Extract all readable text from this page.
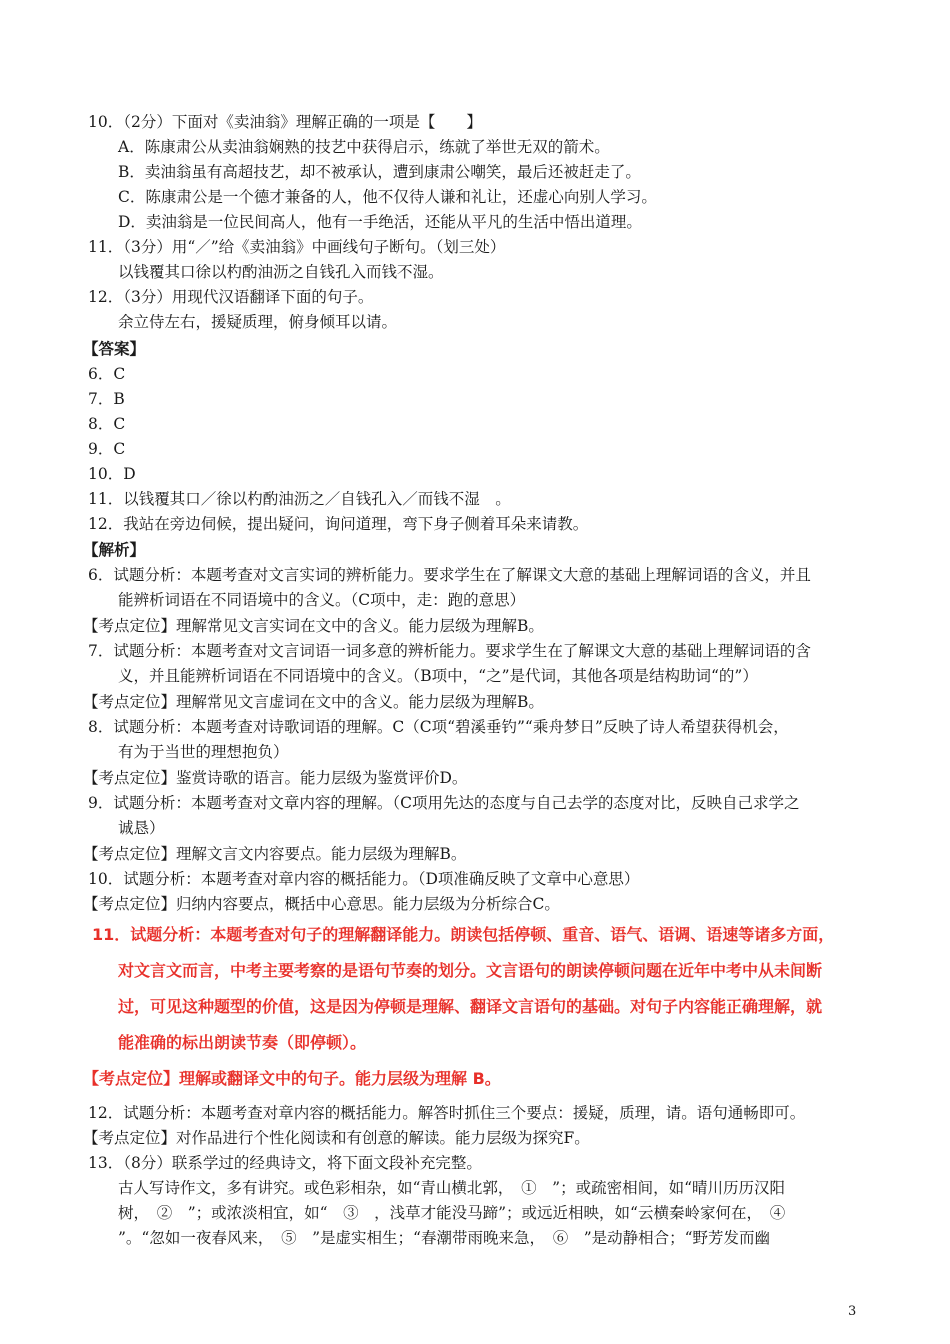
10．（2分）下面对《卖油翁》理解正确的一项是【　　】
A．陈康肃公从卖油翁娴熟的技艺中获得启示，练就了举世无双的箭术。
B．卖油翁虽有高超技艺，却不被承认，遭到康肃公嘲笑，最后还被赶走了。
C．陈康肃公是一个德才兼备的人，他不仅待人谦和礼让，还虚心向别人学习。
D．卖油翁是一位民间高人，他有一手绝活，还能从平凡的生活中悟出道理。
11．（3分）用“／”给《卖油翁》中画线句子断句。（划三处）
以钱覆其口徐以杓酌油沥之自钱孔入而钱不湿。
12．（3分）用现代汉语翻译下面的句子。
余立侍左右，援疑质理，俯身倾耳以请。
【答案】
6．C
7．B
8．C
9．C
10．D
11．以钱覆其口／徐以杓酌油沥之／自钱孔入／而钱不湿　。
12．我站在旁边伺候，提出疑问，询问道理，弯下身子侧着耳朵来请教。
【解析】
6．试题分析：本题考查对文言实词的辨析能力。要求学生在了解课文大意的基础上理解词语的含义，并且
能辨析词语在不同语境中的含义。（C项中，走：跑的意思）
【考点定位】理解常见文言实词在文中的含义。能力层级为理解B。
7．试题分析：本题考查对文言词语一词多意的辨析能力。要求学生在了解课文大意的基础上理解词语的含
义，并且能辨析词语在不同语境中的含义。（B项中，“之”是代词，其他各项是结构助词“的”）
【考点定位】理解常见文言虚词在文中的含义。能力层级为理解B。
8．试题分析：本题考查对诗歌词语的理解。C（C项“碧溪垂钓”“乘舟梦日”反映了诗人希望获得机会，
有为于当世的理想抱负）
【考点定位】鉴赏诗歌的语言。能力层级为鉴赏评价D。
9．试题分析：本题考查对文章内容的理解。（C项用先达的态度与自己去学的态度对比，反映自己求学之
诚恳）
【考点定位】理解文言文内容要点。能力层级为理解B。
10．试题分析：本题考查对章内容的概括能力。（D项准确反映了文章中心意思）
【考点定位】归纳内容要点，概括中心意思。能力层级为分析综合C。
11．试题分析：本题考查对句子的理解翻译能力。朗读包括停顿、重音、语气、语调、语速等诸多方面，
对文言文而言，中考主要考察的是语句节奏的划分。文言语句的朗读停顿问题在近年中考中从未间断
过，可见这种题型的价值，这是因为停顿是理解、翻译文言语句的基础。对句子内容能正确理解，就
能准确的标出朗读节奏（即停顿）。
【考点定位】理解或翻译文中的句子。能力层级为理解 B。
12．试题分析：本题考查对章内容的概括能力。解答时抓住三个要点：援疑，质理，请。语句通畅即可。
【考点定位】对作品进行个性化阅读和有创意的解读。能力层级为探究F。
13．（8分）联系学过的经典诗文，将下面文段补充完整。
古人写诗作文，多有讲究。或色彩相杂，如“青山横北郭，　①　”；或疏密相间，如“晴川历历汉阳
树，　②　”；或浓淡相宜，如“　③　，浅草才能没马蹄”；或远近相映，如“云横秦岭家何在，　④
”。“忽如一夜春风来，　⑤　”是虚实相生；“春潮带雨晚来急，　⑥　”是动静相合；“野芳发而幽
3
